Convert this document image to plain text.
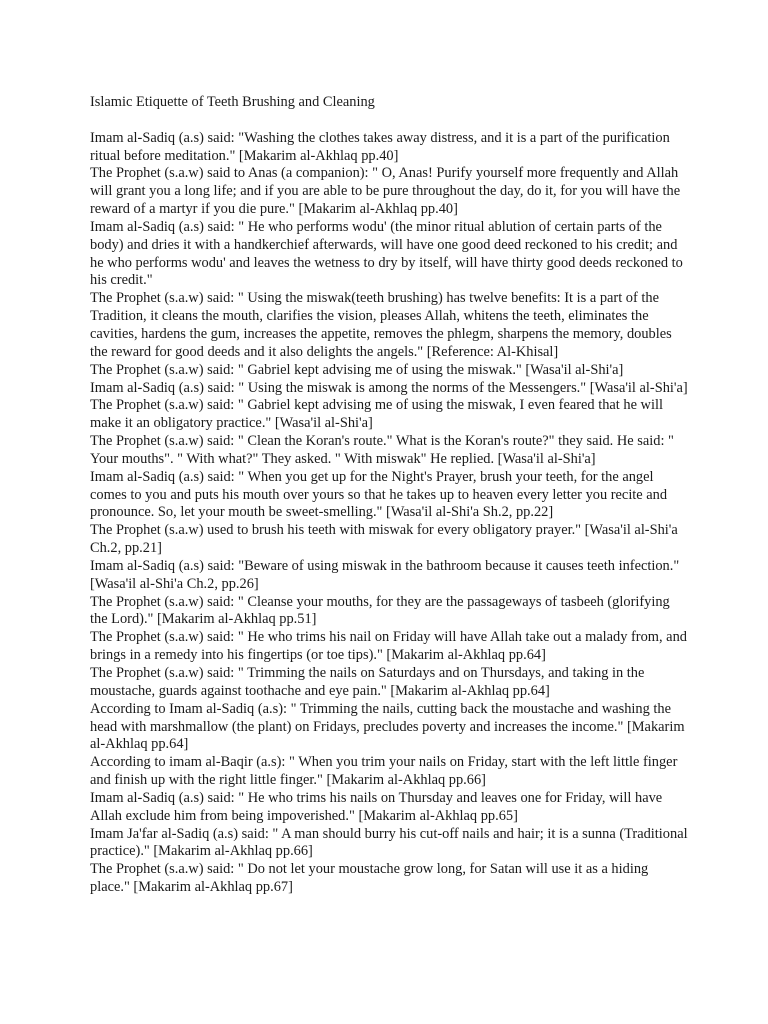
Islamic Etiquette of Teeth Brushing and Cleaning

Imam al-Sadiq (a.s) said: "Washing the clothes takes away distress, and it is a part of the purification ritual before meditation." [Makarim al-Akhlaq pp.40]

The Prophet (s.a.w) said to Anas (a companion): " O, Anas! Purify yourself more frequently and Allah will grant you a long life; and if you are able to be pure throughout the day, do it, for you will have the reward of a martyr if you die pure." [Makarim al-Akhlaq pp.40]

Imam al-Sadiq (a.s) said: " He who performs wodu' (the minor ritual ablution of certain parts of the body) and dries it with a handkerchief afterwards, will have one good deed reckoned to his credit; and he who performs wodu' and leaves the wetness to dry by itself, will have thirty good deeds reckoned to his credit."

The Prophet (s.a.w) said: " Using the miswak(teeth brushing) has twelve benefits: It is a part of the Tradition, it cleans the mouth, clarifies the vision, pleases Allah, whitens the teeth, eliminates the cavities, hardens the gum, increases the appetite, removes the phlegm, sharpens the memory, doubles the reward for good deeds and it also delights the angels." [Reference: Al-Khisal]

The Prophet (s.a.w) said: " Gabriel kept advising me of using the miswak." [Wasa'il al-Shi'a]

Imam al-Sadiq (a.s) said: " Using the miswak is among the norms of the Messengers." [Wasa'il al-Shi'a]

The Prophet (s.a.w) said: " Gabriel kept advising me of using the miswak, I even feared that he will make it an obligatory practice." [Wasa'il al-Shi'a]

The Prophet (s.a.w) said: " Clean the Koran's route." What is the Koran's route?" they said. He said: " Your mouths". " With what?" They asked. " With miswak" He replied. [Wasa'il al-Shi'a]

Imam al-Sadiq (a.s) said: " When you get up for the Night's Prayer, brush your teeth, for the angel comes to you and puts his mouth over yours so that he takes up to heaven every letter you recite and pronounce. So, let your mouth be sweet-smelling." [Wasa'il al-Shi'a Sh.2, pp.22]

The Prophet (s.a.w) used to brush his teeth with miswak for every obligatory prayer." [Wasa'il al-Shi'a Ch.2, pp.21]

Imam al-Sadiq (a.s) said: "Beware of using miswak in the bathroom because it causes teeth infection." [Wasa'il al-Shi'a Ch.2, pp.26]

The Prophet (s.a.w) said: " Cleanse your mouths, for they are the passageways of tasbeeh (glorifying the Lord)." [Makarim al-Akhlaq pp.51]

The Prophet (s.a.w) said: " He who trims his nail on Friday will have Allah take out a malady from, and brings in a remedy into his fingertips (or toe tips)." [Makarim al-Akhlaq pp.64]

The Prophet (s.a.w) said: " Trimming the nails on Saturdays and on Thursdays, and taking in the moustache, guards against toothache and eye pain." [Makarim al-Akhlaq pp.64]

According to Imam al-Sadiq (a.s): " Trimming the nails, cutting back the moustache and washing the head with marshmallow (the plant) on Fridays, precludes poverty and increases the income." [Makarim al-Akhlaq pp.64]

According to imam al-Baqir (a.s): " When you trim your nails on Friday, start with the left little finger and finish up with the right little finger." [Makarim al-Akhlaq pp.66]

Imam al-Sadiq (a.s) said: " He who trims his nails on Thursday and leaves one for Friday, will have Allah exclude him from being impoverished." [Makarim al-Akhlaq pp.65]

Imam Ja'far al-Sadiq (a.s) said: " A man should burry his cut-off nails and hair; it is a sunna (Traditional practice)." [Makarim al-Akhlaq pp.66]

The Prophet (s.a.w) said: " Do not let your moustache grow long, for Satan will use it as a hiding place." [Makarim al-Akhlaq pp.67]
